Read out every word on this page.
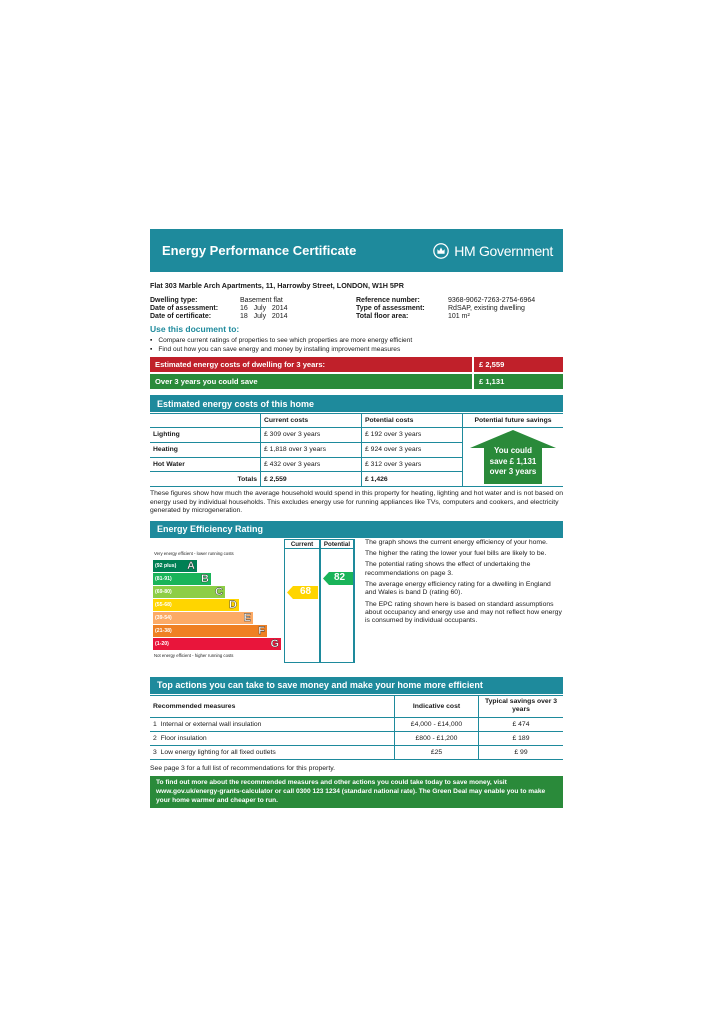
Energy Performance Certificate	HM Government
Flat 303 Marble Arch Apartments, 11, Harrowby Street, LONDON, W1H 5PR
Dwelling type:	Basement flat	Reference number:	9368-9062-7263-2754-6964
Date of assessment:	16   July   2014	Type of assessment:	RdSAP, existing dwelling
Date of certificate:	18   July   2014	Total floor area:	101 m²
Use this document to:
▪ Compare current ratings of properties to see which properties are more energy efficient
▪ Find out how you can save energy and money by installing improvement measures
Estimated energy costs of dwelling for 3 years:	£ 2,559
Over 3 years you could save	£ 1,131
Estimated energy costs of this home
	Current costs	Potential costs	Potential future savings
Lighting	£ 309 over 3 years	£ 192 over 3 years	You could
save £ 1,131
over 3 years

Heating	£ 1,818 over 3 years	£ 924 over 3 years	
Hot Water	£ 432 over 3 years	£ 312 over 3 years	
Totals	£ 2,559	£ 1,426	
These figures show how much the average household would spend in this property for heating, lighting and hot water and is not based on energy used by individual households. This excludes energy use for running appliances like TVs, computers and cookers, and electricity generated by microgeneration.
Energy Efficiency Rating
Very energy efficient - lower running costs
(92 plus) A
(81-91)	B
(69-80)	C
(55-68)	D
(39-54)	E
(21-38)	F
(1-20)	G
Not energy efficient - higher running costs
Current	Potential
68
82

The graph shows the current energy efficiency of your home.

The higher the rating the lower your fuel bills are likely to be.

The potential rating shows the effect of undertaking the recommendations on page 3.

The average energy efficiency rating for a dwelling in England and Wales is band D (rating 60).

The EPC rating shown here is based on standard assumptions about occupancy and energy use and may not reflect how energy is consumed by individual occupants.

Top actions you can take to save money and make your home more efficient
Recommended measures	Indicative cost	Typical savings over 3 years
1 Internal or external wall insulation	£4,000 - £14,000	£ 474
2 Floor insulation	£800 - £1,200	£ 189
3 Low energy lighting for all fixed outlets	£25	£ 99
See page 3 for a full list of recommendations for this property.
To find out more about the recommended measures and other actions you could take today to save money, visit www.gov.uk/energy-grants-calculator or call 0300 123 1234 (standard national rate). The Green Deal may enable you to make your home warmer and cheaper to run.
